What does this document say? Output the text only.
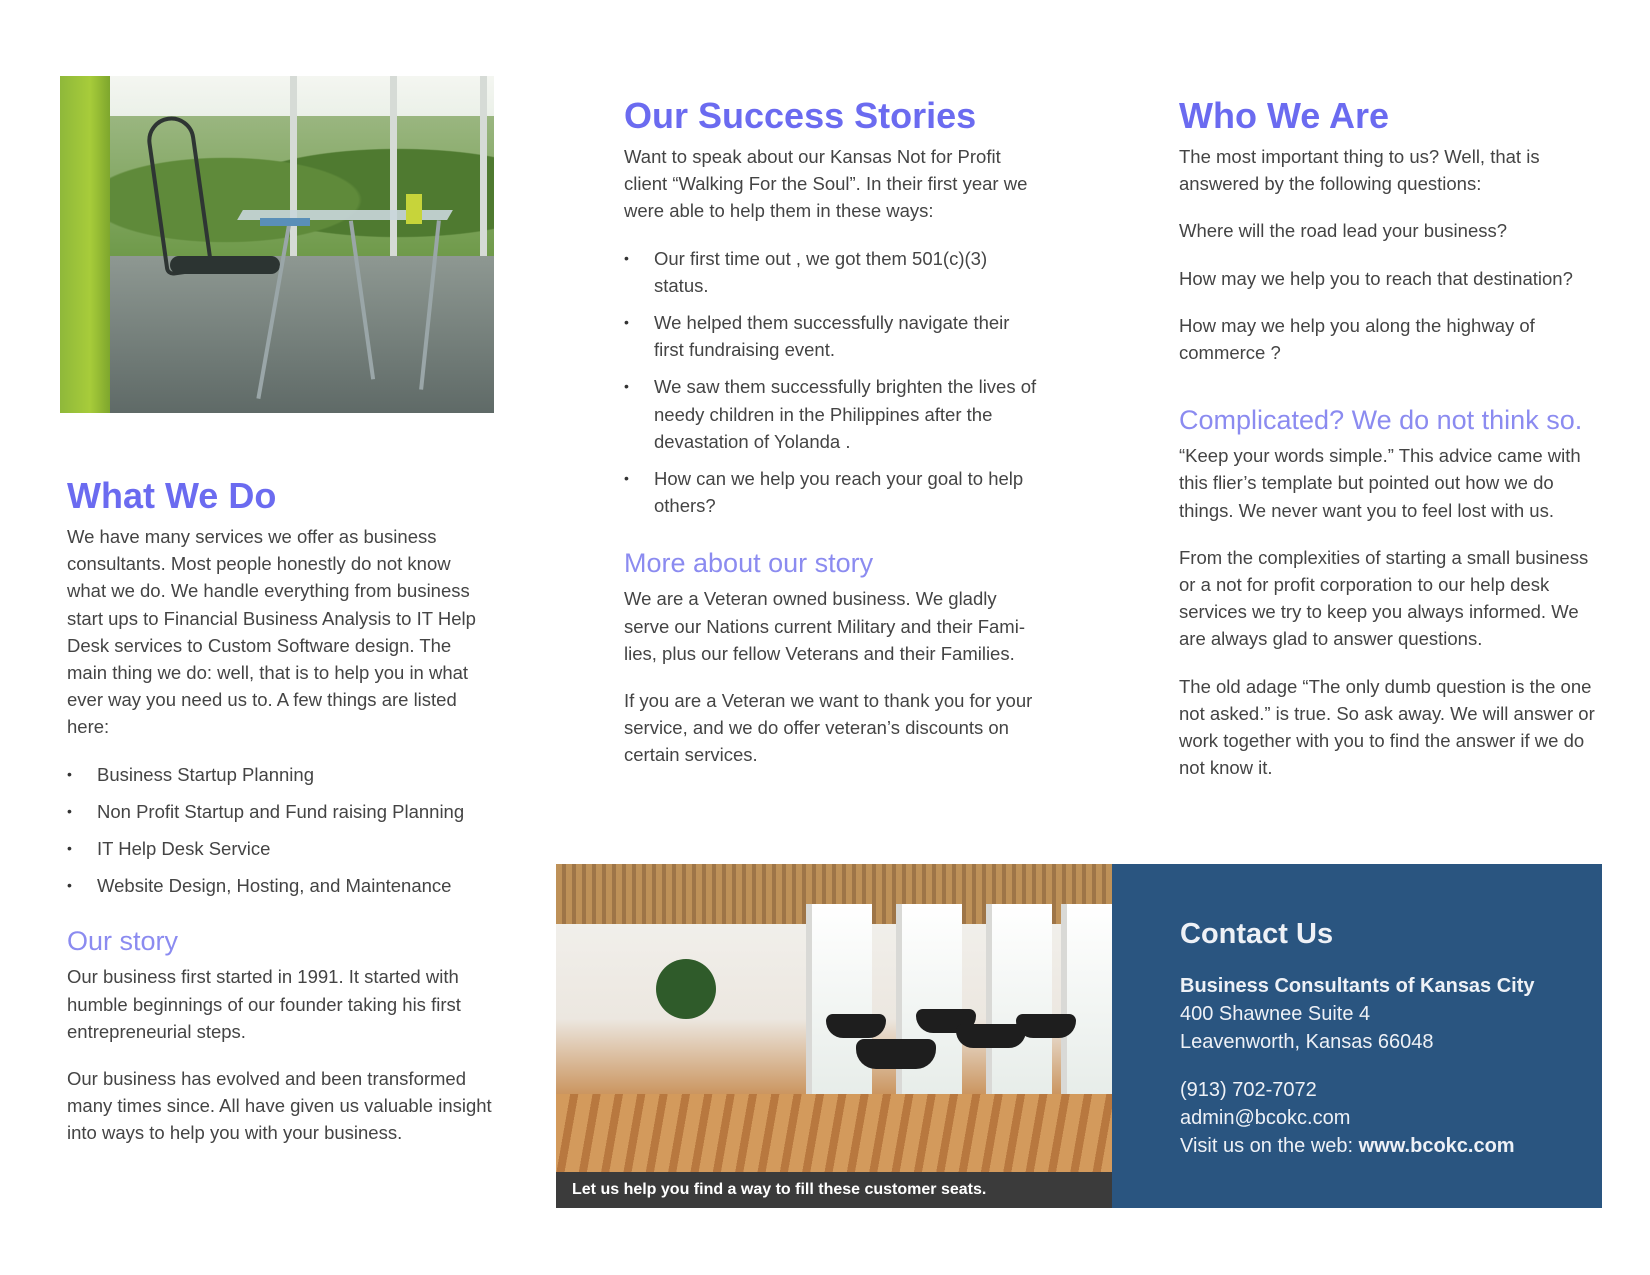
What We Do

We have many services we offer as business consultants. Most people honestly do not know what we do. We handle everything from business start ups to Financial Business Analysis to IT Help Desk services to Custom Software design. The main thing we do: well, that is to help you in what ever way you need us to. A few things are listed here:

• Business Startup Planning
• Non Profit Startup and Fund raising Planning
• IT Help Desk Service
• Website Design, Hosting, and Maintenance
Our story

Our business first started in 1991. It started with humble beginnings of our founder taking his first entrepreneurial steps.

Our business has evolved and been transformed many times since. All have given us valuable insight into ways to help you with your business.

Our Success Stories

Want to speak about our Kansas Not for Profit client “Walking For the Soul”. In their first year we were able to help them in these ways:

• Our first time out , we got them 501(c)(3) status.
• We helped them successfully navigate their first fundraising event.
• We saw them successfully brighten the lives of needy children in the Philippines after the devastation of Yolanda .
• How can we help you reach your goal to help others?
More about our story

We are a Veteran owned business. We gladly serve our Nations current Military and their Families, plus our fellow Veterans and their Families.

If you are a Veteran we want to thank you for your service, and we do offer veteran’s discounts on certain services.

Who We Are

The most important thing to us? Well, that is answered by the following questions:

Where will the road lead your business?

How may we help you to reach that destination?

How may we help you along the highway of commerce ?

Complicated? We do not think so.

“Keep your words simple.” This advice came with this flier’s template but pointed out how we do things. We never want you to feel lost with us.

From the complexities of starting a small business or a not for profit corporation to our help desk services we try to keep you always informed. We are always glad to answer questions.

The old adage “The only dumb question is the one not asked.” is true. So ask away. We will answer or work together with you to find the answer if we do not know it.

Let us help you find a way to fill these customer seats.
Contact Us
Business Consultants of Kansas City
400 Shawnee Suite 4
Leavenworth, Kansas 66048
(913) 702-7072
admin@bcokc.com
Visit us on the web: www.bcokc.com
